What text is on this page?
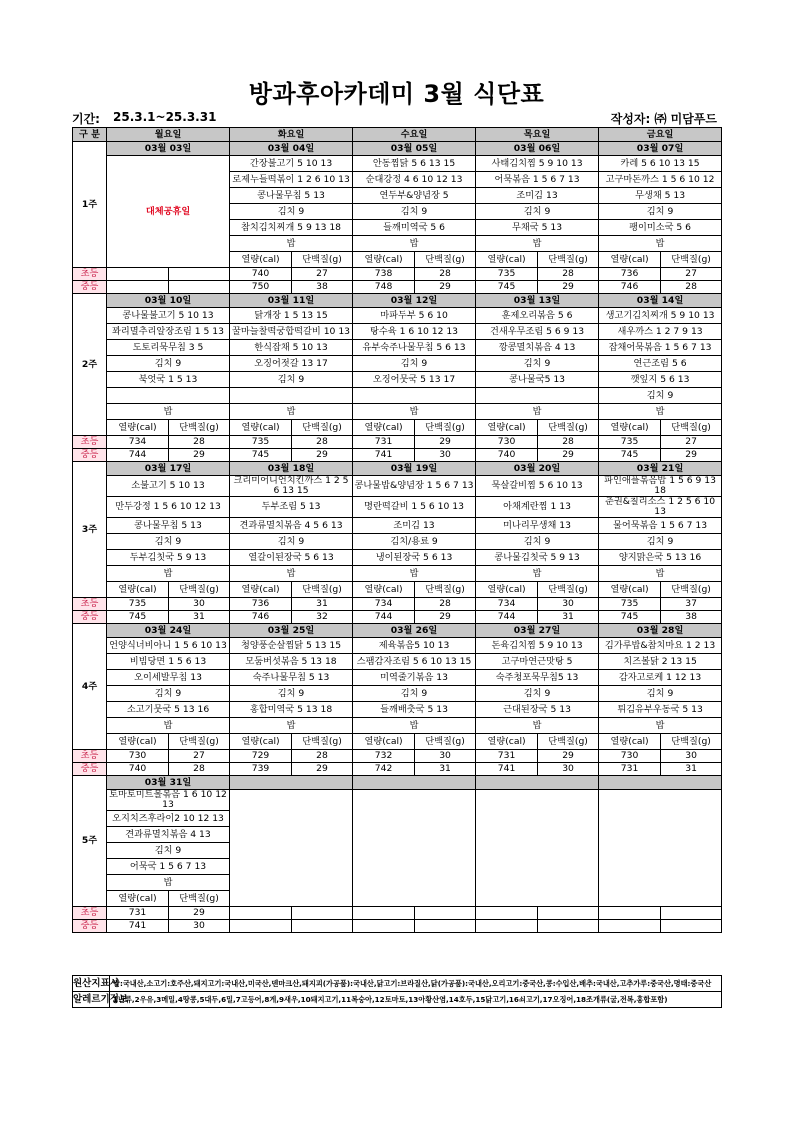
방과후아카데미 3월 식단표
기간: 25.3.1~25.3.31	작성자: ㈜ 미담푸드
구 분	월요일		화요일		수요일		목요일		금요일	
1주	03월 03일		03월 04일		03월 05일		03월 06일		03월 07일	
	대체공휴일		간장불고기 5 10 13		안동찜닭 5 6 13 15		사태김치찜 5 9 10 13		카레 5 6 10 13 15	
			로제누들떡볶이 1 2 6 10 13		순대강정 4 6 10 12 13		어묵볶음 1 5 6 7 13		고구마돈까스 1 5 6 10 12	
			콩나물무침 5 13		연두부&양념장 5		조미김 13		무생채 5 13	
			김치 9		김치 9		김치 9		김치 9	
			참치김치찌개 5 9 13 18		들깨미역국 5 6		무채국 5 13		팽이미소국 5 6	
			밥		밥		밥		밥	
			열량(cal)	단백질(g)	열량(cal)	단백질(g)	열량(cal)	단백질(g)	열량(cal)	단백질(g)
초등			740	27	738	28	735	28	736	27
중등			750	38	748	29	745	29	746	28
2주	03월 10일		03월 11일		03월 12일		03월 13일		03월 14일	
	콩나물불고기 5 10 13		닭개장 1 5 13 15		마파두부 5 6 10		훈제오리볶음 5 6		생고기김치찌개 5 9 10 13	
	꽈리멸추리알장조림 1 5 13		꿀마늘찰떡궁합떡갈비 10 13		탕수육 1 6 10 12 13		건새우무조림 5 6 9 13		새우까스 1 2 7 9 13	
	도토리묵무침 3 5		한식잡채 5 10 13		유부숙주나물무침 5 6 13		깡콩멸치볶음 4 13		잡채어묵볶음 1 5 6 7 13	
	김치 9		오징어젓갈 13 17		김치 9		김치 9		연근조림 5 6	
	북엇국 1 5 13		김치 9		오징어뭇국 5 13 17		콩나물국5 13		깻잎지 5 6 13	
									김치 9	
	밥		밥		밥		밥		밥	
	열량(cal)	단백질(g)	열량(cal)	단백질(g)	열량(cal)	단백질(g)	열량(cal)	단백질(g)	열량(cal)	단백질(g)
초등	734	28	735	28	731	29	730	28	735	27
중등	744	29	745	29	741	30	740	29	745	29
3주	03월 17일		03월 18일		03월 19일		03월 20일		03월 21일	
	소불고기 5 10 13		크리미어니언치킨까스 1 2 5 6 13 15		콩나물밥&양념장 1 5 6 7 13		묵살갈비찜 5 6 10 13		파인애플볶음밥 1 5 6 9 13 18	
	만두강정 1 5 6 10 12 13		두부조림 5 13		명란떡갈비 1 5 6 10 13		아채계란찜 1 13		춘권&칠리소스 1 2 5 6 10 13	
	콩나물무침 5 13		견과류멸치볶음 4 5 6 13		조미김 13		미나리무생채 13		물어묵볶음 1 5 6 7 13	
	김치 9		김치 9		김치/용료 9		김치 9		김치 9	
	두부김칫국 5 9 13		열갈이된장국 5 6 13		냉이된장국 5 6 13		콩나물김칫국 5 9 13		양지맑은국 5 13 16	
	밥		밥		밥		밥		밥	
	열량(cal)	단백질(g)	열량(cal)	단백질(g)	열량(cal)	단백질(g)	열량(cal)	단백질(g)	열량(cal)	단백질(g)
초등	735	30	736	31	734	28	734	30	735	37
중등	745	31	746	32	744	29	744	31	745	38
4주	03월 24일		03월 25일		03월 26일		03월 27일		03월 28일	
	언양식너비아니 1 5 6 10 13		청양풍순살찜닭 5 13 15		제육볶음5 10 13		돈육김치찜 5 9 10 13		김가루밥&참치마요 1 2 13	
	비빔당면 1 5 6 13		모둠버섯볶음 5 13 18		스팸감자조림 5 6 10 13 15		고구마연근맛탕 5		치즈볼닭 2 13 15	
	오이세발무침 13		숙주나물무침 5 13		미역줄기볶음 13		숙주청포묵무침5 13		감자고로케 1 12 13	
	김치 9		김치 9		김치 9		김치 9		김치 9	
	소고기뭇국 5 13 16		홍합미역국 5 13 18		들깨배춧국 5 13		근대된장국 5 13		튀김유부우동국 5 13	
	밥		밥		밥		밥		밥	
	열량(cal)	단백질(g)	열량(cal)	단백질(g)	열량(cal)	단백질(g)	열량(cal)	단백질(g)	열량(cal)	단백질(g)
초등	730	27	729	28	732	30	731	29	730	30
중등	740	28	739	29	742	31	741	30	731	31
5주	03월 31일									
	토마토미트볼볶음 1 6 10 12 13									
	오지치즈후라이2 10 12 13									
	견과류멸치볶음 4 13									
	김치 9									
	어묵국 1 5 6 7 13									
	밥									
	열량(cal)	단백질(g)								
초등	731	29								
중등	741	30								
원산지표시
쌀:국내산,소고기:호주산,돼지고기:국내산,미국산,덴마크산,돼지괴(가공품):국내산,닭고기:브라질산,닭(가공품):국내산,오리고기:중국산,콩:수입산,배추:국내산,고추가루:중국산,명태:중국산
알레르기정보
1난류,2우유,3메밀,4땅콩,5대두,6밀,7고등어,8게,9새우,10돼지고기,11복숭아,12토마토,13아황산염,14호두,15닭고기,16쇠고기,17오징어,18조개류(굴,전복,홍합포함)
